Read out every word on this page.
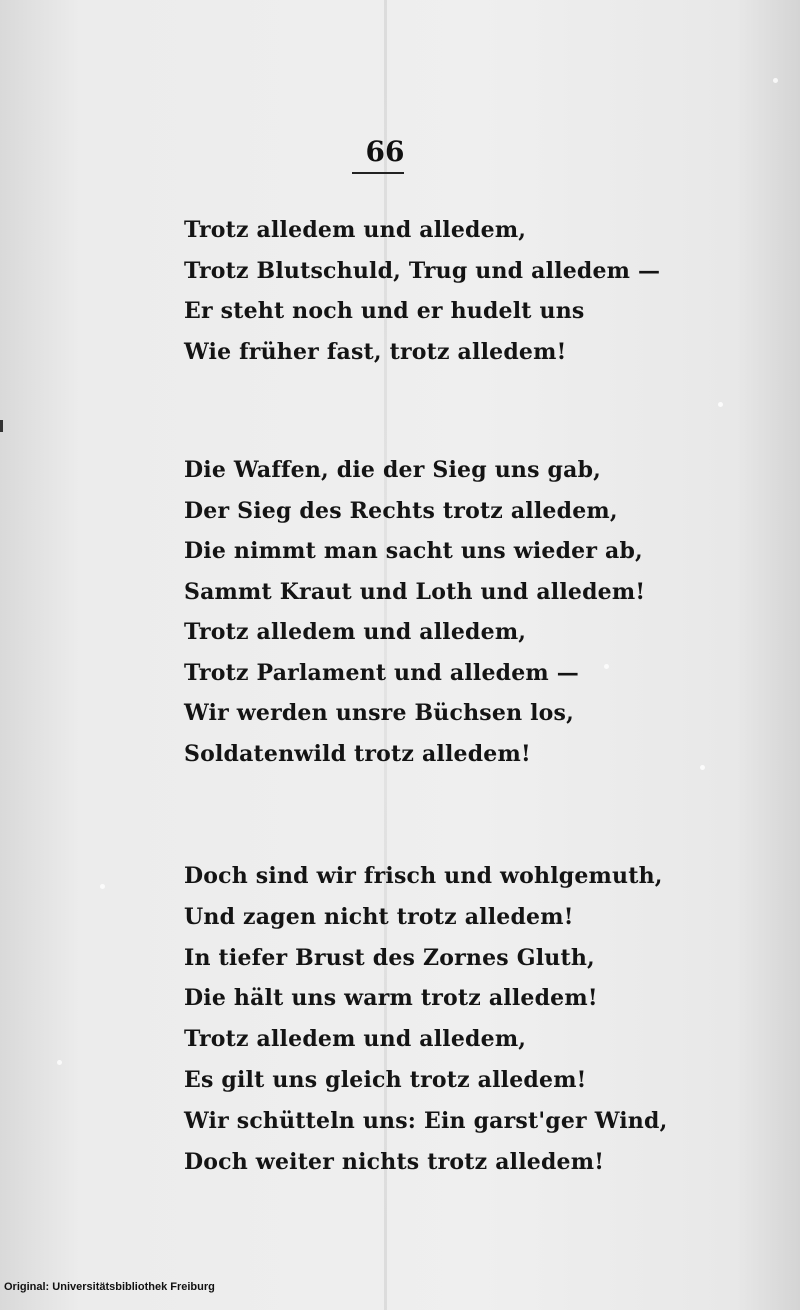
66
Trotz alledem und alledem,
Trotz Blutschuld, Trug und alledem —
Er steht noch und er hudelt uns
Wie früher fast, trotz alledem!
Die Waffen, die der Sieg uns gab,
Der Sieg des Rechts trotz alledem,
Die nimmt man sacht uns wieder ab,
Sammt Kraut und Loth und alledem!
Trotz alledem und alledem,
Trotz Parlament und alledem —
Wir werden unsre Büchsen los,
Soldatenwild trotz alledem!
Doch sind wir frisch und wohlgemuth,
Und zagen nicht trotz alledem!
In tiefer Brust des Zornes Gluth,
Die hält uns warm trotz alledem!
Trotz alledem und alledem,
Es gilt uns gleich trotz alledem!
Wir schütteln uns: Ein garst'ger Wind,
Doch weiter nichts trotz alledem!
Original: Universitätsbibliothek Freiburg
